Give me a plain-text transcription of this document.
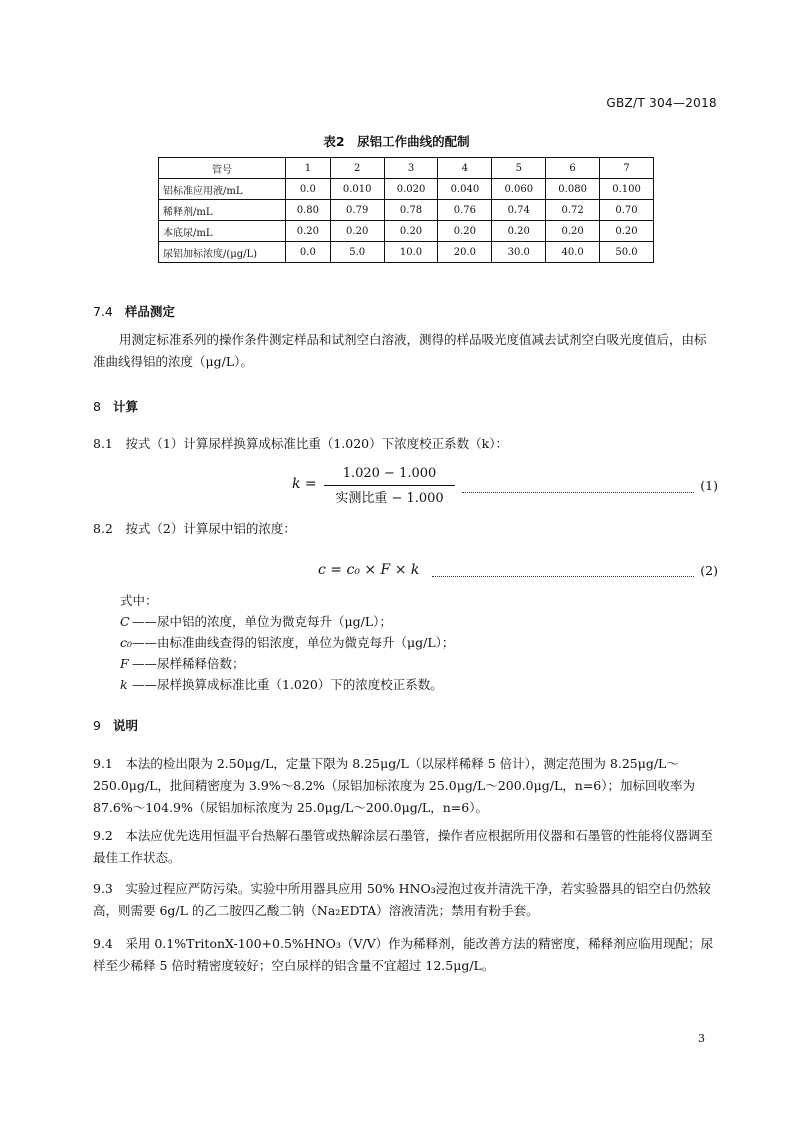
GBZ/T 304—2018
表2　尿铝工作曲线的配制
管号	1	2	3	4	5	6	7
铝标准应用液/mL	0.0	0.010	0.020	0.040	0.060	0.080	0.100
稀释剂/mL	0.80	0.79	0.78	0.76	0.74	0.72	0.70
本底尿/mL	0.20	0.20	0.20	0.20	0.20	0.20	0.20
尿铝加标浓度/(μg/L)	0.0	5.0	10.0	20.0	30.0	40.0	50.0
7.4 样品测定
用测定标准系列的操作条件测定样品和试剂空白溶液，测得的样品吸光度值减去试剂空白吸光度值后，由标准曲线得铝的浓度（μg/L）。
8 计算
8.1　按式（1）计算尿样换算成标准比重（1.020）下浓度校正系数（k）：
k =
1.020 − 1.000
实测比重 − 1.000
(1)
8.2　按式（2）计算尿中铝的浓度：
c = c₀ × F × k	(2)
式中：
C ——尿中铝的浓度，单位为微克每升（μg/L）；
c₀——由标准曲线查得的铝浓度，单位为微克每升（μg/L）；
F ——尿样稀释倍数；
k ——尿样换算成标准比重（1.020）下的浓度校正系数。
9 说明
9.1　本法的检出限为 2.50μg/L，定量下限为 8.25μg/L（以尿样稀释 5 倍计），测定范围为 8.25μg/L～250.0μg/L，批间精密度为 3.9%～8.2%（尿铝加标浓度为 25.0μg/L～200.0μg/L，n=6）；加标回收率为 87.6%～104.9%（尿铝加标浓度为 25.0μg/L～200.0μg/L，n=6）。
9.2　本法应优先选用恒温平台热解石墨管或热解涂层石墨管，操作者应根据所用仪器和石墨管的性能将仪器调至最佳工作状态。
9.3　实验过程应严防污染。实验中所用器具应用 50% HNO₃浸泡过夜并清洗干净，若实验器具的铝空白仍然较高，则需要 6g/L 的乙二胺四乙酸二钠（Na₂EDTA）溶液清洗；禁用有粉手套。
9.4　采用 0.1%TritonX-100+0.5%HNO₃（V/V）作为稀释剂，能改善方法的精密度，稀释剂应临用现配；尿样至少稀释 5 倍时精密度较好；空白尿样的铝含量不宜超过 12.5μg/L。
3
